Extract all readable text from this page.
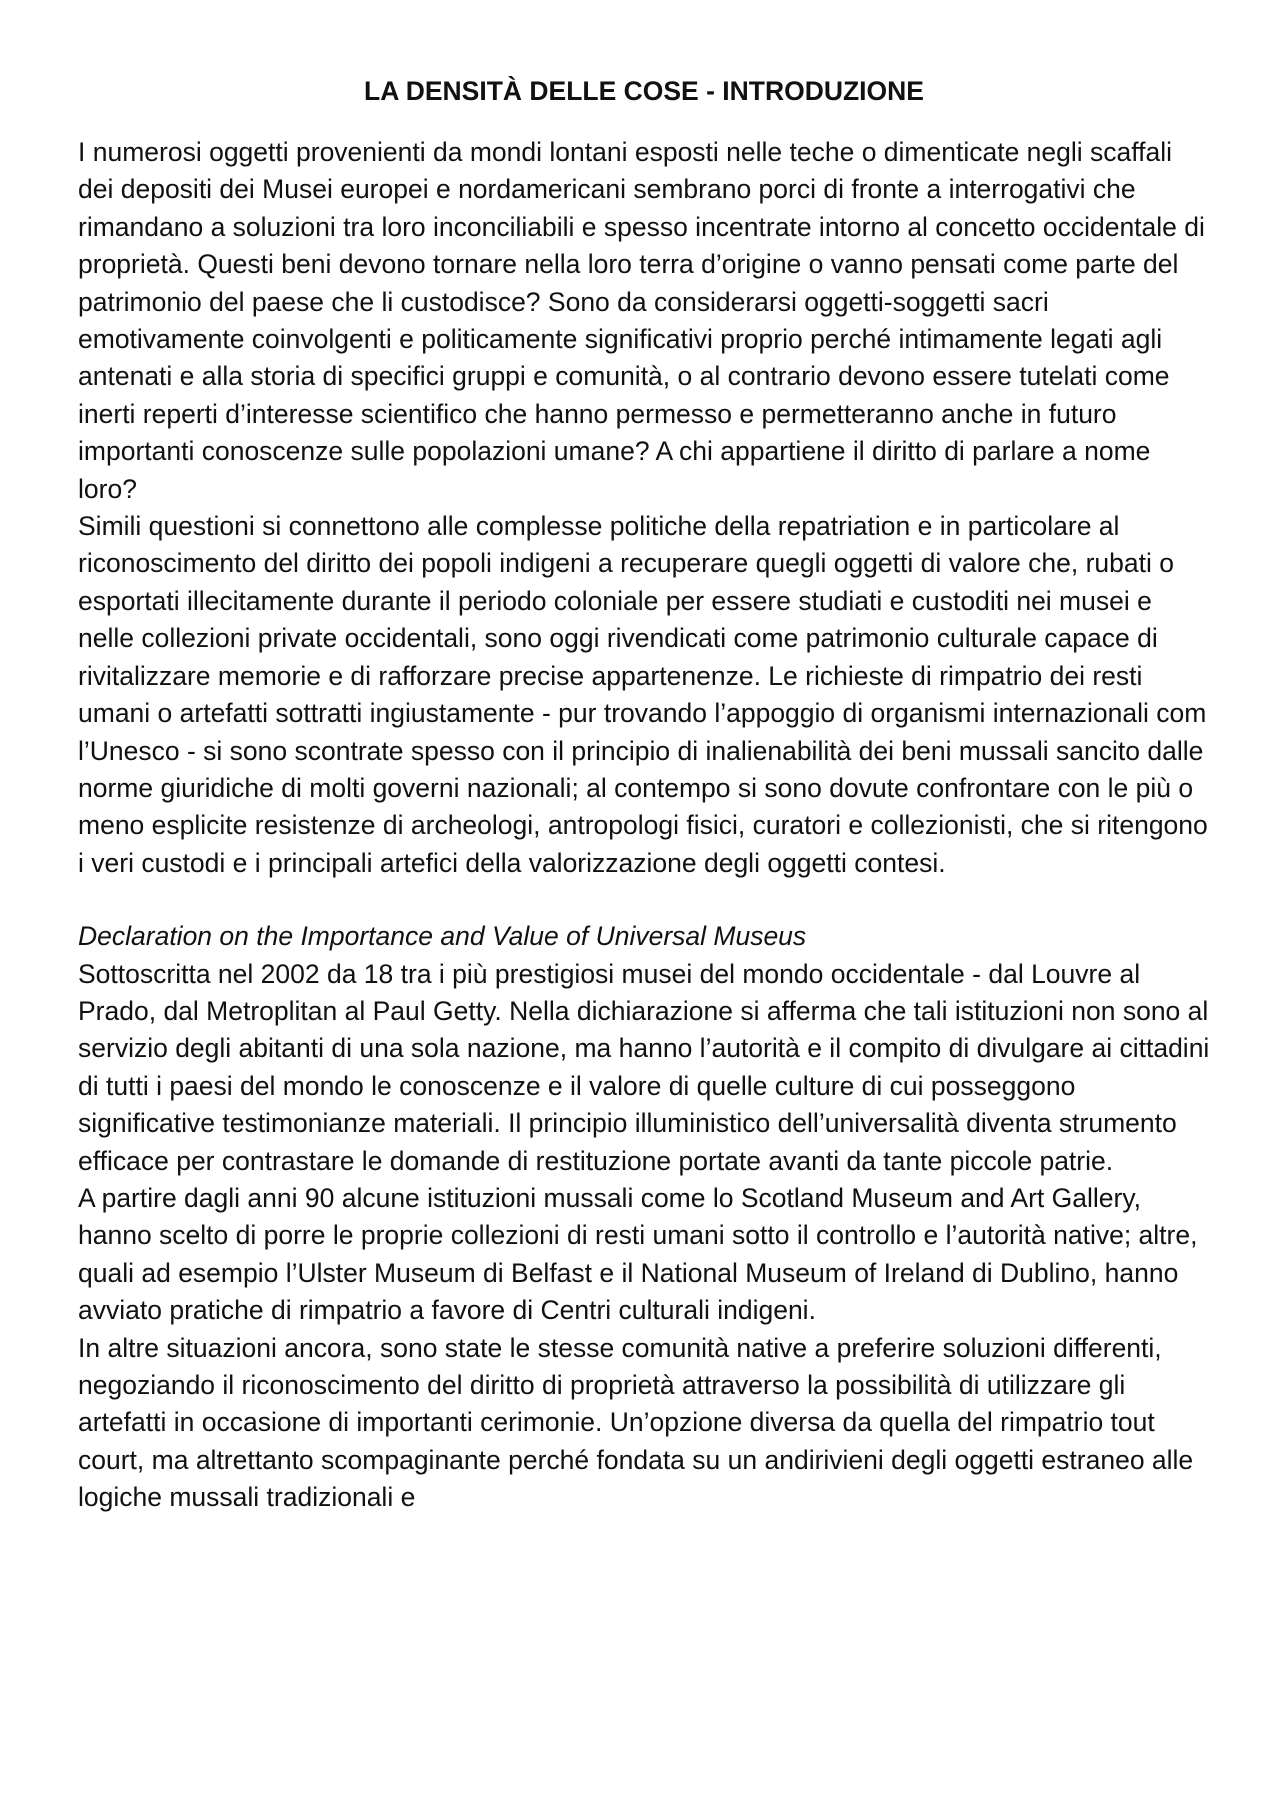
LA DENSITÀ DELLE COSE - INTRODUZIONE

I numerosi oggetti provenienti da mondi lontani esposti nelle teche o dimenticate negli scaffali dei depositi dei Musei europei e nordamericani sembrano porci di fronte a interrogativi che rimandano a soluzioni tra loro inconciliabili e spesso incentrate intorno al concetto occidentale di proprietà. Questi beni devono tornare nella loro terra d’origine o vanno pensati come parte del patrimonio del paese che li custodisce? Sono da considerarsi oggetti-soggetti sacri emotivamente coinvolgenti e politicamente significativi proprio perché intimamente legati agli antenati e alla storia di specifici gruppi e comunità, o al contrario devono essere tutelati come inerti reperti d’interesse scientifico che hanno permesso e permetteranno anche in futuro importanti conoscenze sulle popolazioni umane? A chi appartiene il diritto di parlare a nome loro?

Simili questioni si connettono alle complesse politiche della repatriation e in particolare al riconoscimento del diritto dei popoli indigeni a recuperare quegli oggetti di valore che, rubati o esportati illecitamente durante il periodo coloniale per essere studiati e custoditi nei musei e nelle collezioni private occidentali, sono oggi rivendicati come patrimonio culturale capace di rivitalizzare memorie e di rafforzare precise appartenenze. Le richieste di rimpatrio dei resti umani o artefatti sottratti ingiustamente - pur trovando l’appoggio di organismi internazionali com l’Unesco - si sono scontrate spesso con il principio di inalienabilità dei beni mussali sancito dalle norme giuridiche di molti governi nazionali; al contempo si sono dovute confrontare con le più o meno esplicite resistenze di archeologi, antropologi fisici, curatori e collezionisti, che si ritengono i veri custodi e i principali artefici della valorizzazione degli oggetti contesi.

Declaration on the Importance and Value of Universal Museus

Sottoscritta nel 2002 da 18 tra i più prestigiosi musei del mondo occidentale - dal Louvre al Prado, dal Metroplitan al Paul Getty. Nella dichiarazione si afferma che tali istituzioni non sono al servizio degli abitanti di una sola nazione, ma hanno l’autorità e il compito di divulgare ai cittadini di tutti i paesi del mondo le conoscenze e il valore di quelle culture di cui posseggono significative testimonianze materiali. Il principio illuministico dell’universalità diventa strumento efficace per contrastare le domande di restituzione portate avanti da tante piccole patrie.

A partire dagli anni 90 alcune istituzioni mussali come lo Scotland Museum and Art Gallery, hanno scelto di porre le proprie collezioni di resti umani sotto il controllo e l’autorità native; altre, quali ad esempio l’Ulster Museum di Belfast e il National Museum of Ireland di Dublino, hanno avviato pratiche di rimpatrio a favore di Centri culturali indigeni.

In altre situazioni ancora, sono state le stesse comunità native a preferire soluzioni differenti, negoziando il riconoscimento del diritto di proprietà attraverso la possibilità di utilizzare gli artefatti in occasione di importanti cerimonie. Un’opzione diversa da quella del rimpatrio tout court, ma altrettanto scompaginante perché fondata su un andirivieni degli oggetti estraneo alle logiche mussali tradizionali e
